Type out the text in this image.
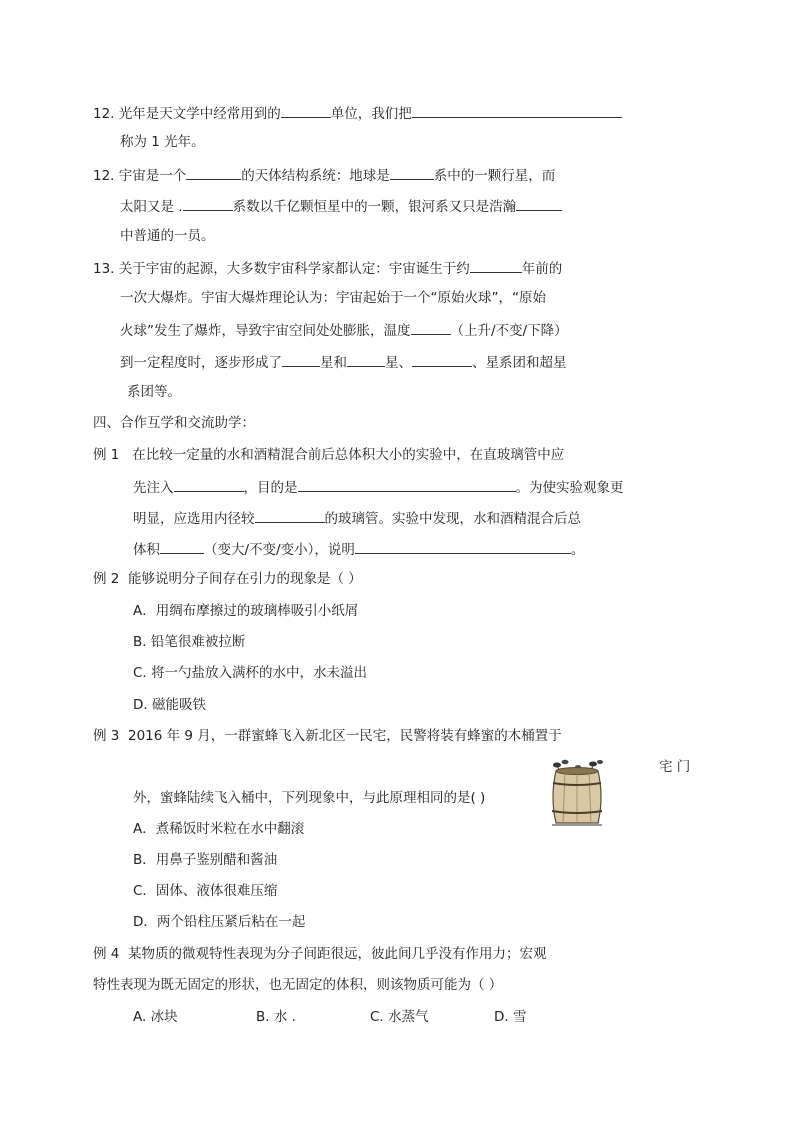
12. 光年是天文学中经常用到的	单位，我们把
称为 1 光年。
12. 宇宙是一个	的天体结构系统：地球是	系中的一颗行星，而
太阳又是 .	系数以千亿颗恒星中的一颗，银河系又只是浩瀚
中普通的一员。
13. 关于宇宙的起源，大多数宇宙科学家都认定：宇宙诞生于约	年前的
一次大爆炸。宇宙大爆炸理论认为：宇宙起始于一个“原始火球”，“原始
火球”发生了爆炸，导致宇宙空间处处膨胀，温度	（上升/不变/下降）
到一定程度时，逐步形成了	星和	星、	、星系团和超星
系团等。
四、合作互学和交流助学：
例 1 在比较一定量的水和酒精混合前后总体积大小的实验中，在直玻璃管中应
先注入	，目的是	。为使实验观象更
明显，应选用内径较	的玻璃管。实验中发现，水和酒精混合后总
体积	（变大/不变/变小），说明	。
例 2 能够说明分子间存在引力的现象是（ ）
A．用绸布摩擦过的玻璃棒吸引小纸屑
B. 铅笔很难被拉断
C. 将一勺盐放入满杯的水中，水未溢出
D. 磁能吸铁
例 3 2016 年 9 月，一群蜜蜂飞入新北区一民宅，民警将装有蜂蜜的木桶置于
宅 门
外，蜜蜂陆续飞入桶中，下列现象中，与此原理相同的是( )
A．煮稀饭时米粒在水中翻滚
B．用鼻子鉴别醋和酱油
C．固体、液体很难压缩
D．两个铅柱压紧后粘在一起
例 4 某物质的微观特性表现为分子间距很远，彼此间几乎没有作用力；宏观
特性表现为既无固定的形状，也无固定的体积，则该物质可能为（ ）
A. 冰块	B. 水 .	C. 水蒸气	D. 雪
